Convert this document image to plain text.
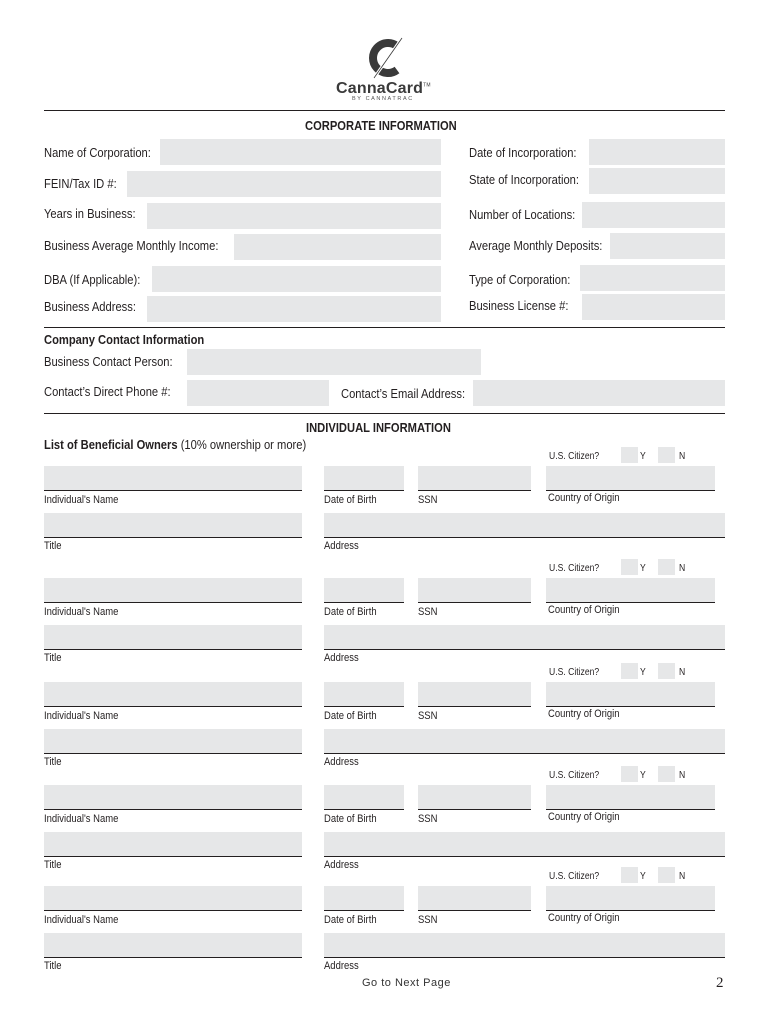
CannaCard™
BY CANNATRAC
CORPORATE INFORMATION
Name of Corporation:	Date of Incorporation:
FEIN/Tax ID #:	State of Incorporation:
Years in Business:	Number of Locations:
Business Average Monthly Income:	Average Monthly Deposits:
DBA (If Applicable):	Type of Corporation:
Business Address:	Business License #:
Company Contact Information
Business Contact Person:
Contact’s Direct Phone #:	Contact’s Email Address:
INDIVIDUAL INFORMATION
List of Beneficial Owners (10% ownership or more)
U.S. Citizen?	Y	N
Individual's Name	Date of Birth	SSN	Country of Origin
Title	Address
U.S. Citizen?	Y	N
Individual's Name	Date of Birth	SSN	Country of Origin
Title	Address
U.S. Citizen?	Y	N
Individual's Name	Date of Birth	SSN	Country of Origin
Title	Address
U.S. Citizen?	Y	N
Individual's Name	Date of Birth	SSN	Country of Origin
Title	Address
U.S. Citizen?	Y	N
Individual's Name	Date of Birth	SSN	Country of Origin
Title	Address
Go to Next Page	2
